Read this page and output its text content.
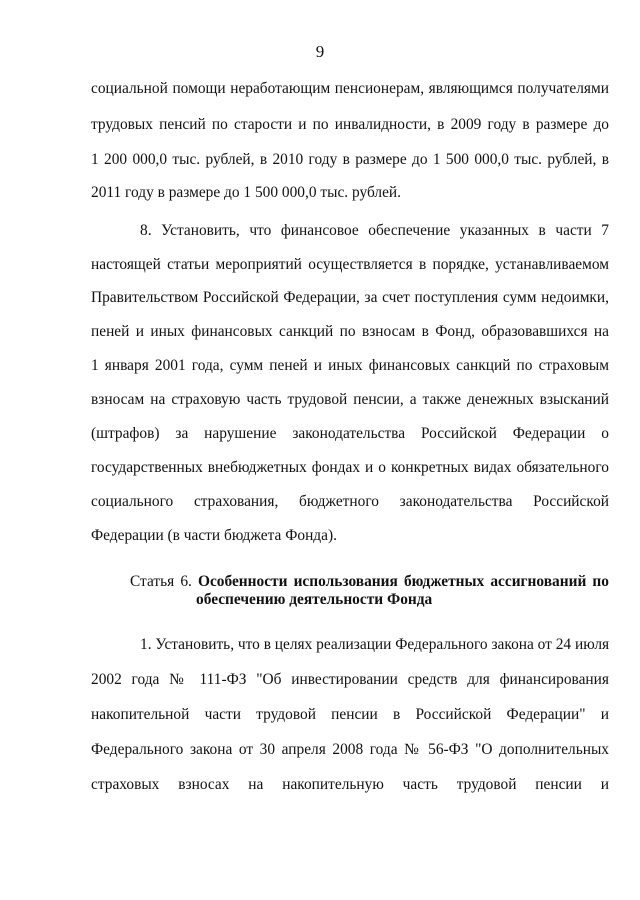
9
социальной помощи неработающим пенсионерам, являющимся получателями
трудовых пенсий по старости и по инвалидности, в 2009 году в размере до
1 200 000,0 тыс. рублей, в 2010 году в размере до 1 500 000,0 тыс. рублей, в
2011 году в размере до 1 500 000,0 тыс. рублей.
8. Установить, что финансовое обеспечение указанных в части 7
настоящей статьи мероприятий осуществляется в порядке, устанавливаемом
Правительством Российской Федерации, за счет поступления сумм недоимки,
пеней и иных финансовых санкций по взносам в Фонд, образовавшихся на
1 января 2001 года, сумм пеней и иных финансовых санкций по страховым
взносам на страховую часть трудовой пенсии, а также денежных взысканий
(штрафов) за нарушение законодательства Российской Федерации о
государственных внебюджетных фондах и о конкретных видах обязательного
социального страхования, бюджетного законодательства Российской
Федерации (в части бюджета Фонда).
Статья 6. Особенности использования бюджетных ассигнований по
обеспечению деятельности Фонда
1. Установить, что в целях реализации Федерального закона от 24 июля
2002 года № 111-ФЗ "Об инвестировании средств для финансирования
накопительной части трудовой пенсии в Российской Федерации" и
Федерального закона от 30 апреля 2008 года № 56-ФЗ "О дополнительных
страховых взносах на накопительную часть трудовой пенсии и
